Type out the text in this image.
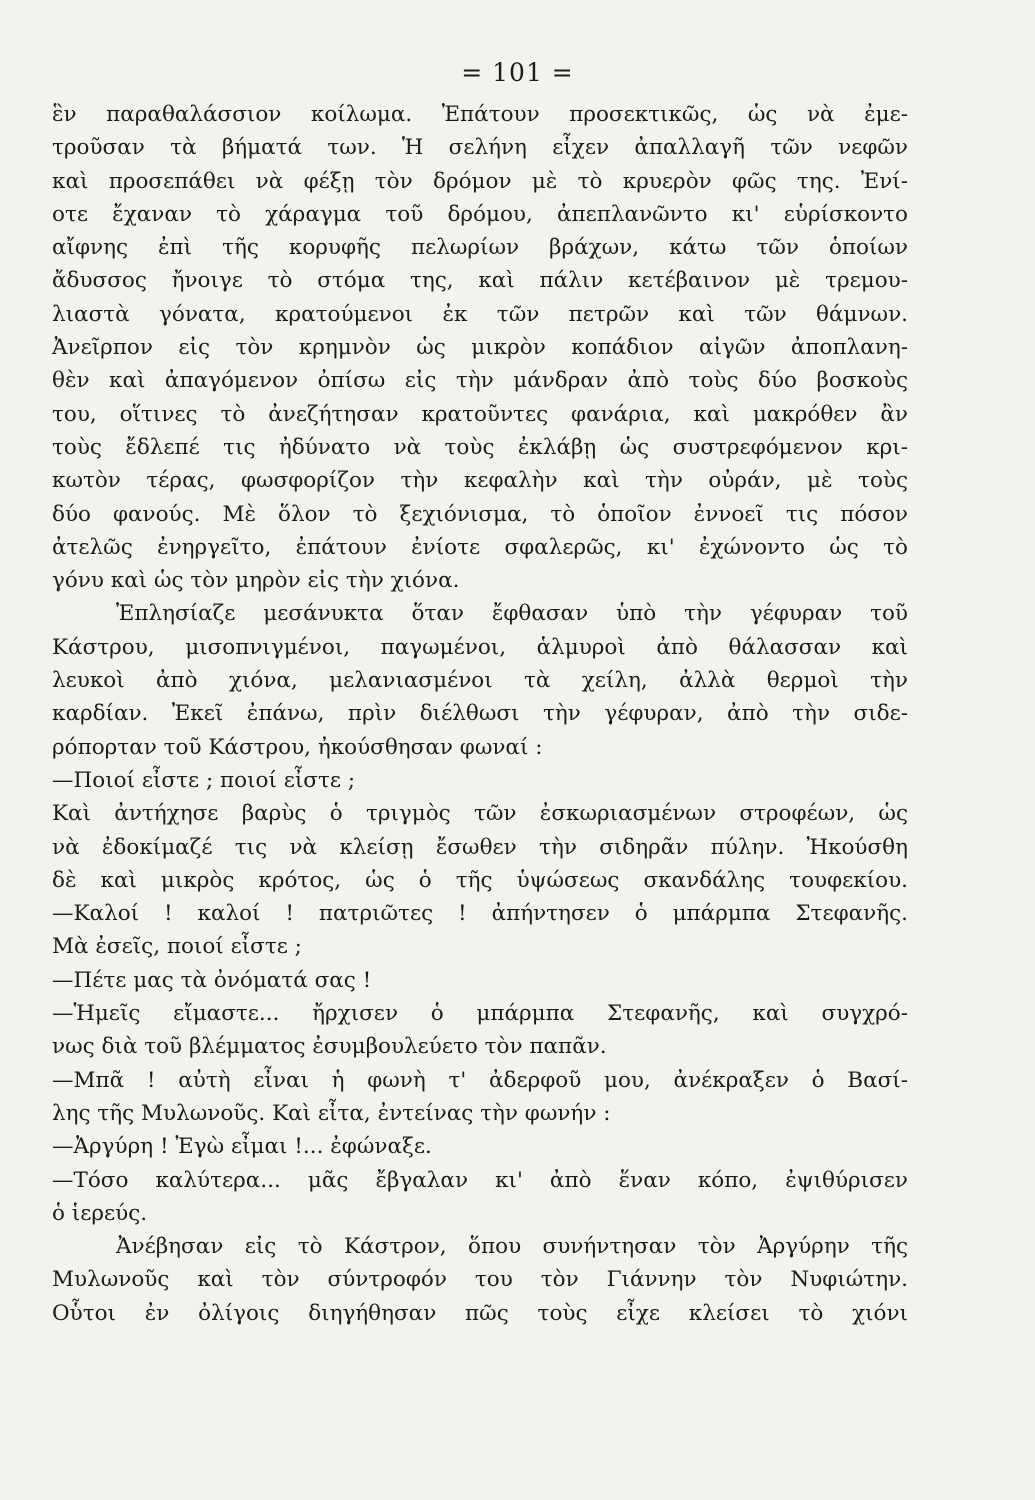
= 101 =
ἓν παραθαλάσσιον κοίλωμα. Ἐπάτουν προσεκτικῶς, ὡς νὰ ἐμε-
τροῦσαν τὰ βήματά των. Ἡ σελήνη εἶχεν ἀπαλλαγῆ τῶν νεφῶν
καὶ προσεπάθει νὰ φέξῃ τὸν δρόμον μὲ τὸ κρυερὸν φῶς της. Ἐνί-
οτε ἔχαναν τὸ χάραγμα τοῦ δρόμου, ἀπεπλανῶντο κι' εὑρίσκοντο
αἴφνης ἐπὶ τῆς κορυφῆς πελωρίων βράχων, κάτω τῶν ὁποίων
ἄδυσσος ἤνοιγε τὸ στόμα της, καὶ πάλιν κετέβαινον μὲ τρεμου-
λιαστὰ γόνατα, κρατούμενοι ἐκ τῶν πετρῶν καὶ τῶν θάμνων.
Ἀνεῖρπον εἰς τὸν κρημνὸν ὡς μικρὸν κοπάδιον αἰγῶν ἀποπλανη-
θὲν καὶ ἀπαγόμενον ὀπίσω εἰς τὴν μάνδραν ἀπὸ τοὺς δύο βοσκοὺς
του, οἵτινες τὸ ἀνεζήτησαν κρατοῦντες φανάρια, καὶ μακρόθεν ἂν
τοὺς ἔδλεπέ τις ἠδύνατο νὰ τοὺς ἐκλάβῃ ὡς συστρεφόμενον κρι-
κωτὸν τέρας, φωσφορίζον τὴν κεφαλὴν καὶ τὴν οὐράν, μὲ τοὺς
δύο φανούς. Μὲ ὅλον τὸ ξεχιόνισμα, τὸ ὁποῖον ἐννοεῖ τις πόσον
ἀτελῶς ἐνηργεῖτο, ἐπάτουν ἐνίοτε σφαλερῶς, κι' ἐχώνοντο ὡς τὸ
γόνυ καὶ ὡς τὸν μηρὸν εἰς τὴν χιόνα.
Ἐπλησίαζε μεσάνυκτα ὅταν ἔφθασαν ὑπὸ τὴν γέφυραν τοῦ
Κάστρου, μισοπνιγμένοι, παγωμένοι, ἁλμυροὶ ἀπὸ θάλασσαν καὶ
λευκοὶ ἀπὸ χιόνα, μελανιασμένοι τὰ χείλη, ἀλλὰ θερμοὶ τὴν
καρδίαν. Ἐκεῖ ἐπάνω, πρὶν διέλθωσι τὴν γέφυραν, ἀπὸ τὴν σιδε-
ρόπορταν τοῦ Κάστρου, ἠκούσθησαν φωναί :
—Ποιοί εἶστε ; ποιοί εἶστε ;
Καὶ ἀντήχησε βαρὺς ὁ τριγμὸς τῶν ἐσκωριασμένων στροφέων, ὡς
νὰ ἐδοκίμαζέ τις νὰ κλείσῃ ἔσωθεν τὴν σιδηρᾶν πύλην. Ἠκούσθη
δὲ καὶ μικρὸς κρότος, ὡς ὁ τῆς ὑψώσεως σκανδάλης τουφεκίου.
—Καλοί ! καλοί ! πατριῶτες ! ἀπήντησεν ὁ μπάρμπα Στεφανῆς.
Μὰ ἐσεῖς, ποιοί εἶστε ;
—Πέτε μας τὰ ὀνόματά σας !
—Ἡμεῖς εἴμαστε... ἤρχισεν ὁ μπάρμπα Στεφανῆς, καὶ συγχρό-
νως διὰ τοῦ βλέμματος ἐσυμβουλεύετο τὸν παπᾶν.
—Μπᾶ ! αὐτὴ εἶναι ἡ φωνὴ τ' ἀδερφοῦ μου, ἀνέκραξεν ὁ Βασί-
λης τῆς Μυλωνοῦς. Καὶ εἶτα, ἐντείνας τὴν φωνήν :
—Ἀργύρη ! Ἐγὼ εἶμαι !... ἐφώναξε.
—Τόσο καλύτερα... μᾶς ἔβγαλαν κι' ἀπὸ ἕναν κόπο, ἐψιθύρισεν
ὁ ἱερεύς.
Ἀνέβησαν εἰς τὸ Κάστρον, ὅπου συνήντησαν τὸν Ἀργύρην τῆς
Μυλωνοῦς καὶ τὸν σύντροφόν του τὸν Γιάννην τὸν Νυφιώτην.
Οὗτοι ἐν ὀλίγοις διηγήθησαν πῶς τοὺς εἶχε κλείσει τὸ χιόνι
